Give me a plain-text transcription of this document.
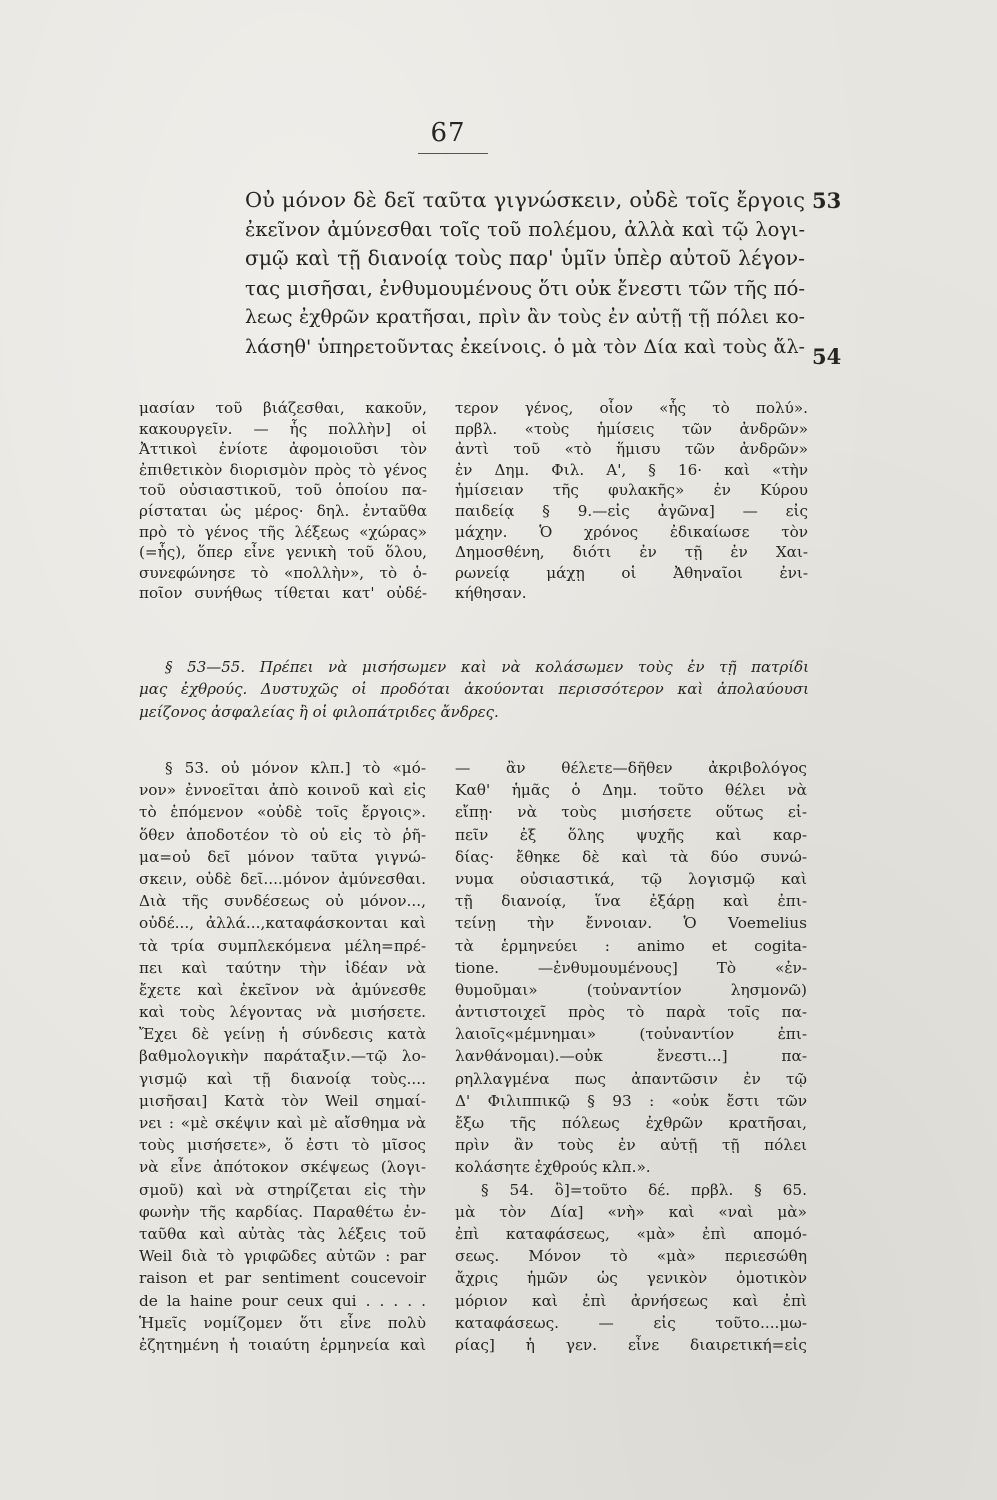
67
Οὐ μόνον δὲ δεῖ ταῦτα γιγνώσκειν, οὐδὲ τοῖς ἔργοις
ἐκεῖνον ἀμύνεσθαι τοῖς τοῦ πολέμου, ἀλλὰ καὶ τῷ λογι-
σμῷ καὶ τῇ διανοίᾳ τοὺς παρ' ὑμῖν ὑπὲρ αὐτοῦ λέγον-
τας μισῆσαι, ἐνθυμουμένους ὅτι οὐκ ἔνεστι τῶν τῆς πό-
λεως ἐχθρῶν κρατῆσαι, πρὶν ἂν τοὺς ἐν αὐτῇ τῇ πόλει κο-
λάσηθ' ὑπηρετοῦντας ἐκείνοις. ὁ μὰ τὸν Δία καὶ τοὺς ἄλ-
53
54
μασίαν τοῦ βιάζεσθαι, κακοῦν,
κακουργεῖν. — ἧς πολλὴν] οἱ
Ἀττικοὶ ἐνίοτε ἀφομοιοῦσι τὸν
ἐπιθετικὸν διορισμὸν πρὸς τὸ γένος
τοῦ οὐσιαστικοῦ, τοῦ ὁποίου πα-
ρίσταται ὡς μέρος· δηλ. ἐνταῦθα
πρὸ τὸ γένος τῆς λέξεως «χώρας»
(=ἧς), ὅπερ εἶνε γενικὴ τοῦ ὅλου,
συνεφώνησε τὸ «πολλὴν», τὸ ὁ-
ποῖον συνήθως τίθεται κατ' οὐδέ-
τερον γένος, οἷον «ἧς τὸ πολύ».
πρβλ. «τοὺς ἡμίσεις τῶν ἀνδρῶν»
ἀντὶ τοῦ «τὸ ἥμισυ τῶν ἀνδρῶν»
ἐν Δημ. Φιλ. Α', § 16· καὶ «τὴν
ἡμίσειαν τῆς φυλακῆς» ἐν Κύρου
παιδείᾳ § 9.—εἰς ἀγῶνα] — εἰς
μάχην. Ὁ χρόνος ἐδικαίωσε τὸν
Δημοσθένη, διότι ἐν τῇ ἐν Χαι-
ρωνείᾳ μάχῃ οἱ Ἀθηναῖοι ἐνι-
κήθησαν.
§ 53—55. Πρέπει νὰ μισήσωμεν καὶ νὰ κολάσωμεν τοὺς ἐν τῇ πατρίδι
μας ἐχθρούς. Δυστυχῶς οἱ προδόται ἀκούονται περισσότερον καὶ ἀπολαύουσι
μείζονος ἀσφαλείας ἢ οἱ φιλοπάτριδες ἄνδρες.
§ 53. οὐ μόνον κλπ.] τὸ «μό-
νον» ἐννοεῖται ἀπὸ κοινοῦ καὶ εἰς
τὸ ἑπόμενον «οὐδὲ τοῖς ἔργοις».
ὅθεν ἀποδοτέον τὸ οὐ εἰς τὸ ῥῆ-
μα=οὐ δεῖ μόνον ταῦτα γιγνώ-
σκειν, οὐδὲ δεῖ....μόνον ἀμύνεσθαι.
Διὰ τῆς συνδέσεως οὐ μόνον...,
οὐδέ..., ἀλλά...,καταφάσκονται καὶ
τὰ τρία συμπλεκόμενα μέλη=πρέ-
πει καὶ ταύτην τὴν ἰδέαν νὰ
ἔχετε καὶ ἐκεῖνον νὰ ἀμύνεσθε
καὶ τοὺς λέγοντας νὰ μισήσετε.
Ἔχει δὲ γείνῃ ἡ σύνδεσις κατὰ
βαθμολογικὴν παράταξιν.—τῷ λο-
γισμῷ καὶ τῇ διανοίᾳ τοὺς....
μισῆσαι] Κατὰ τὸν Weil σημαί-
νει : «μὲ σκέψιν καὶ μὲ αἴσθημα νὰ
τοὺς μισήσετε», ὅ ἐστι τὸ μῖσος
νὰ εἶνε ἀπότοκον σκέψεως (λογι-
σμοῦ) καὶ νὰ στηρίζεται εἰς τὴν
φωνὴν τῆς καρδίας. Παραθέτω ἐν-
ταῦθα καὶ αὐτὰς τὰς λέξεις τοῦ
Weil διὰ τὸ γριφῶδες αὐτῶν : par
raison et par sentiment coucevoir
de la haine pour ceux qui . . . . .
Ἡμεῖς νομίζομεν ὅτι εἶνε πολὺ
ἐζητημένη ἡ τοιαύτη ἑρμηνεία καὶ
— ἂν θέλετε—δῆθεν ἀκριβολόγος
Καθ' ἡμᾶς ὁ Δημ. τοῦτο θέλει νὰ
εἴπῃ· νὰ τοὺς μισήσετε οὕτως εἰ-
πεῖν ἐξ ὅλης ψυχῆς καὶ καρ-
δίας· ἔθηκε δὲ καὶ τὰ δύο συνώ-
νυμα οὐσιαστικά, τῷ λογισμῷ καὶ
τῇ διανοίᾳ, ἵνα ἐξάρῃ καὶ ἐπι-
τείνῃ τὴν ἔννοιαν. Ὁ Voemelius
τὰ ἑρμηνεύει : animo et cogita-
tione. —ἐνθυμουμένους] Τὸ «ἐν-
θυμοῦμαι» (τοὐναντίον λησμονῶ)
ἀντιστοιχεῖ πρὸς τὸ παρὰ τοῖς πα-
λαιοῖς«μέμνημαι» (τοὐναντίον ἐπι-
λανθάνομαι).—οὐκ ἔνεστι...] πα-
ρηλλαγμένα πως ἀπαντῶσιν ἐν τῷ
Δ' Φιλιππικῷ § 93 : «οὐκ ἔστι τῶν
ἔξω τῆς πόλεως ἐχθρῶν κρατῆσαι,
πρὶν ἂν τοὺς ἐν αὐτῇ τῇ πόλει
κολάσητε ἐχθρούς κλπ.».
§ 54. ὃ]=τοῦτο δέ. πρβλ. § 65.
μὰ τὸν Δία] «νὴ» καὶ «ναὶ μὰ»
ἐπὶ καταφάσεως, «μὰ» ἐπὶ απομό-
σεως. Μόνον τὸ «μὰ» περιεσώθη
ἄχρις ἡμῶν ὡς γενικὸν ὁμοτικὸν
μόριον καὶ ἐπὶ ἀρνήσεως καὶ ἐπὶ
καταφάσεως. — εἰς τοῦτο....μω-
ρίας] ἡ γεν. εἶνε διαιρετική=εἰς
